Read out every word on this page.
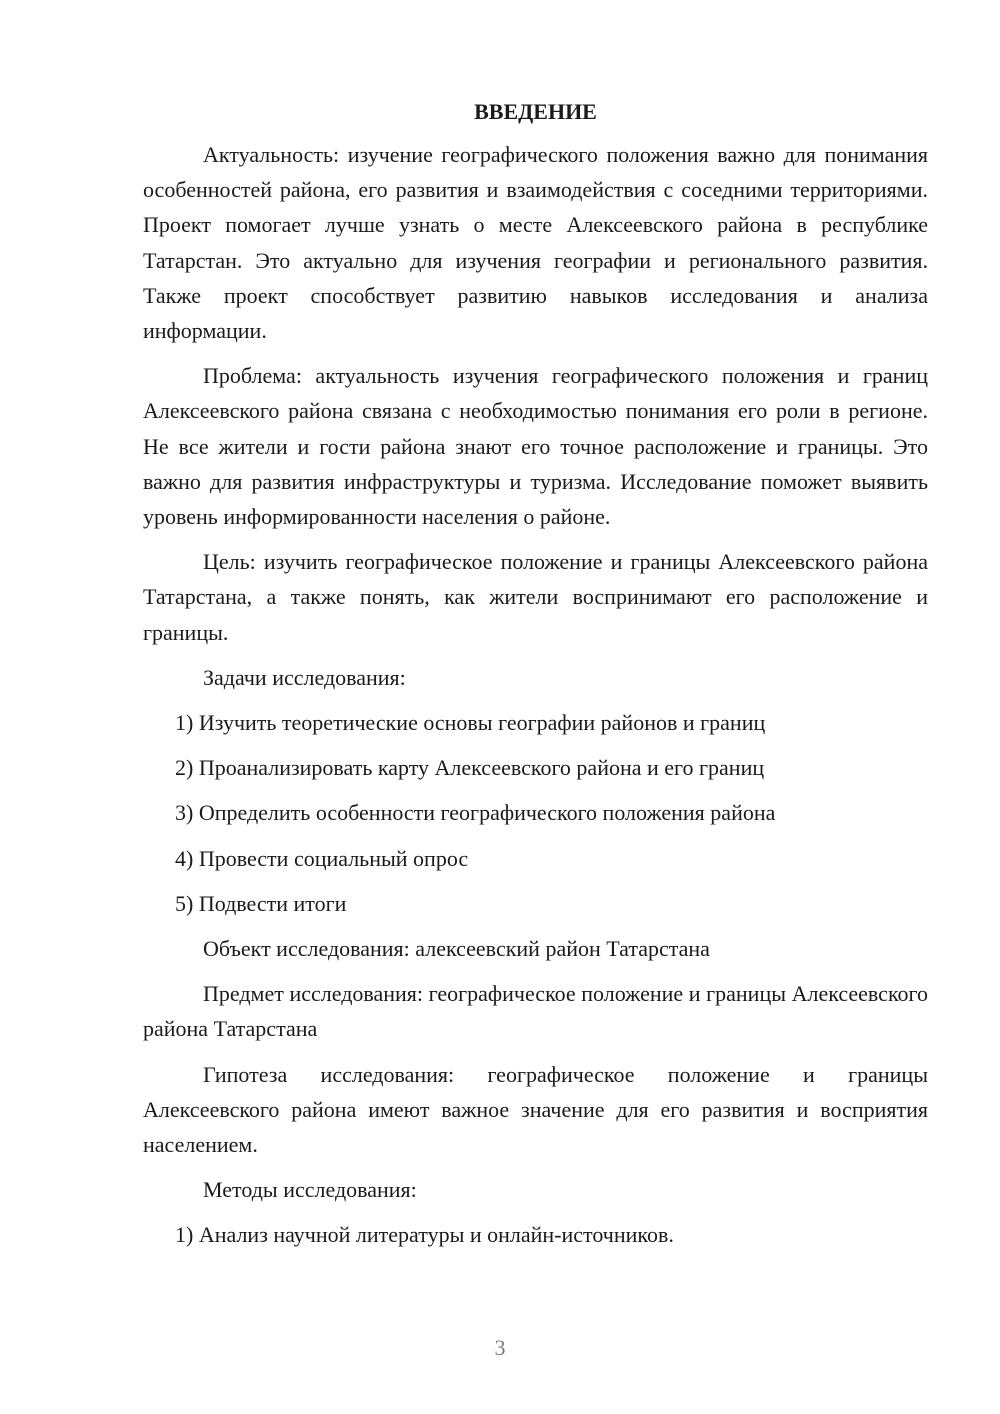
ВВЕДЕНИЕ

Актуальность: изучение географического положения важно для понимания особенностей района, его развития и взаимодействия с соседними территориями. Проект помогает лучше узнать о месте Алексеевского района в республике Татарстан. Это актуально для изучения географии и регионального развития. Также проект способствует развитию навыков исследования и анализа информации.

Проблема: актуальность изучения географического положения и границ Алексеевского района связана с необходимостью понимания его роли в регионе. Не все жители и гости района знают его точное расположение и границы. Это важно для развития инфраструктуры и туризма. Исследование поможет выявить уровень информированности населения о районе.

Цель: изучить географическое положение и границы Алексеевского района Татарстана, а также понять, как жители воспринимают его расположение и границы.

Задачи исследования:

1) Изучить теоретические основы географии районов и границ

2) Проанализировать карту Алексеевского района и его границ

3) Определить особенности географического положения района

4) Провести социальный опрос

5) Подвести итоги

Объект исследования: алексеевский район Татарстана

Предмет исследования: географическое положение и границы Алексеевского района Татарстана

Гипотеза исследования: географическое положение и границы Алексеевского района имеют важное значение для его развития и восприятия населением.

Методы исследования:

1) Анализ научной литературы и онлайн-источников.

3
